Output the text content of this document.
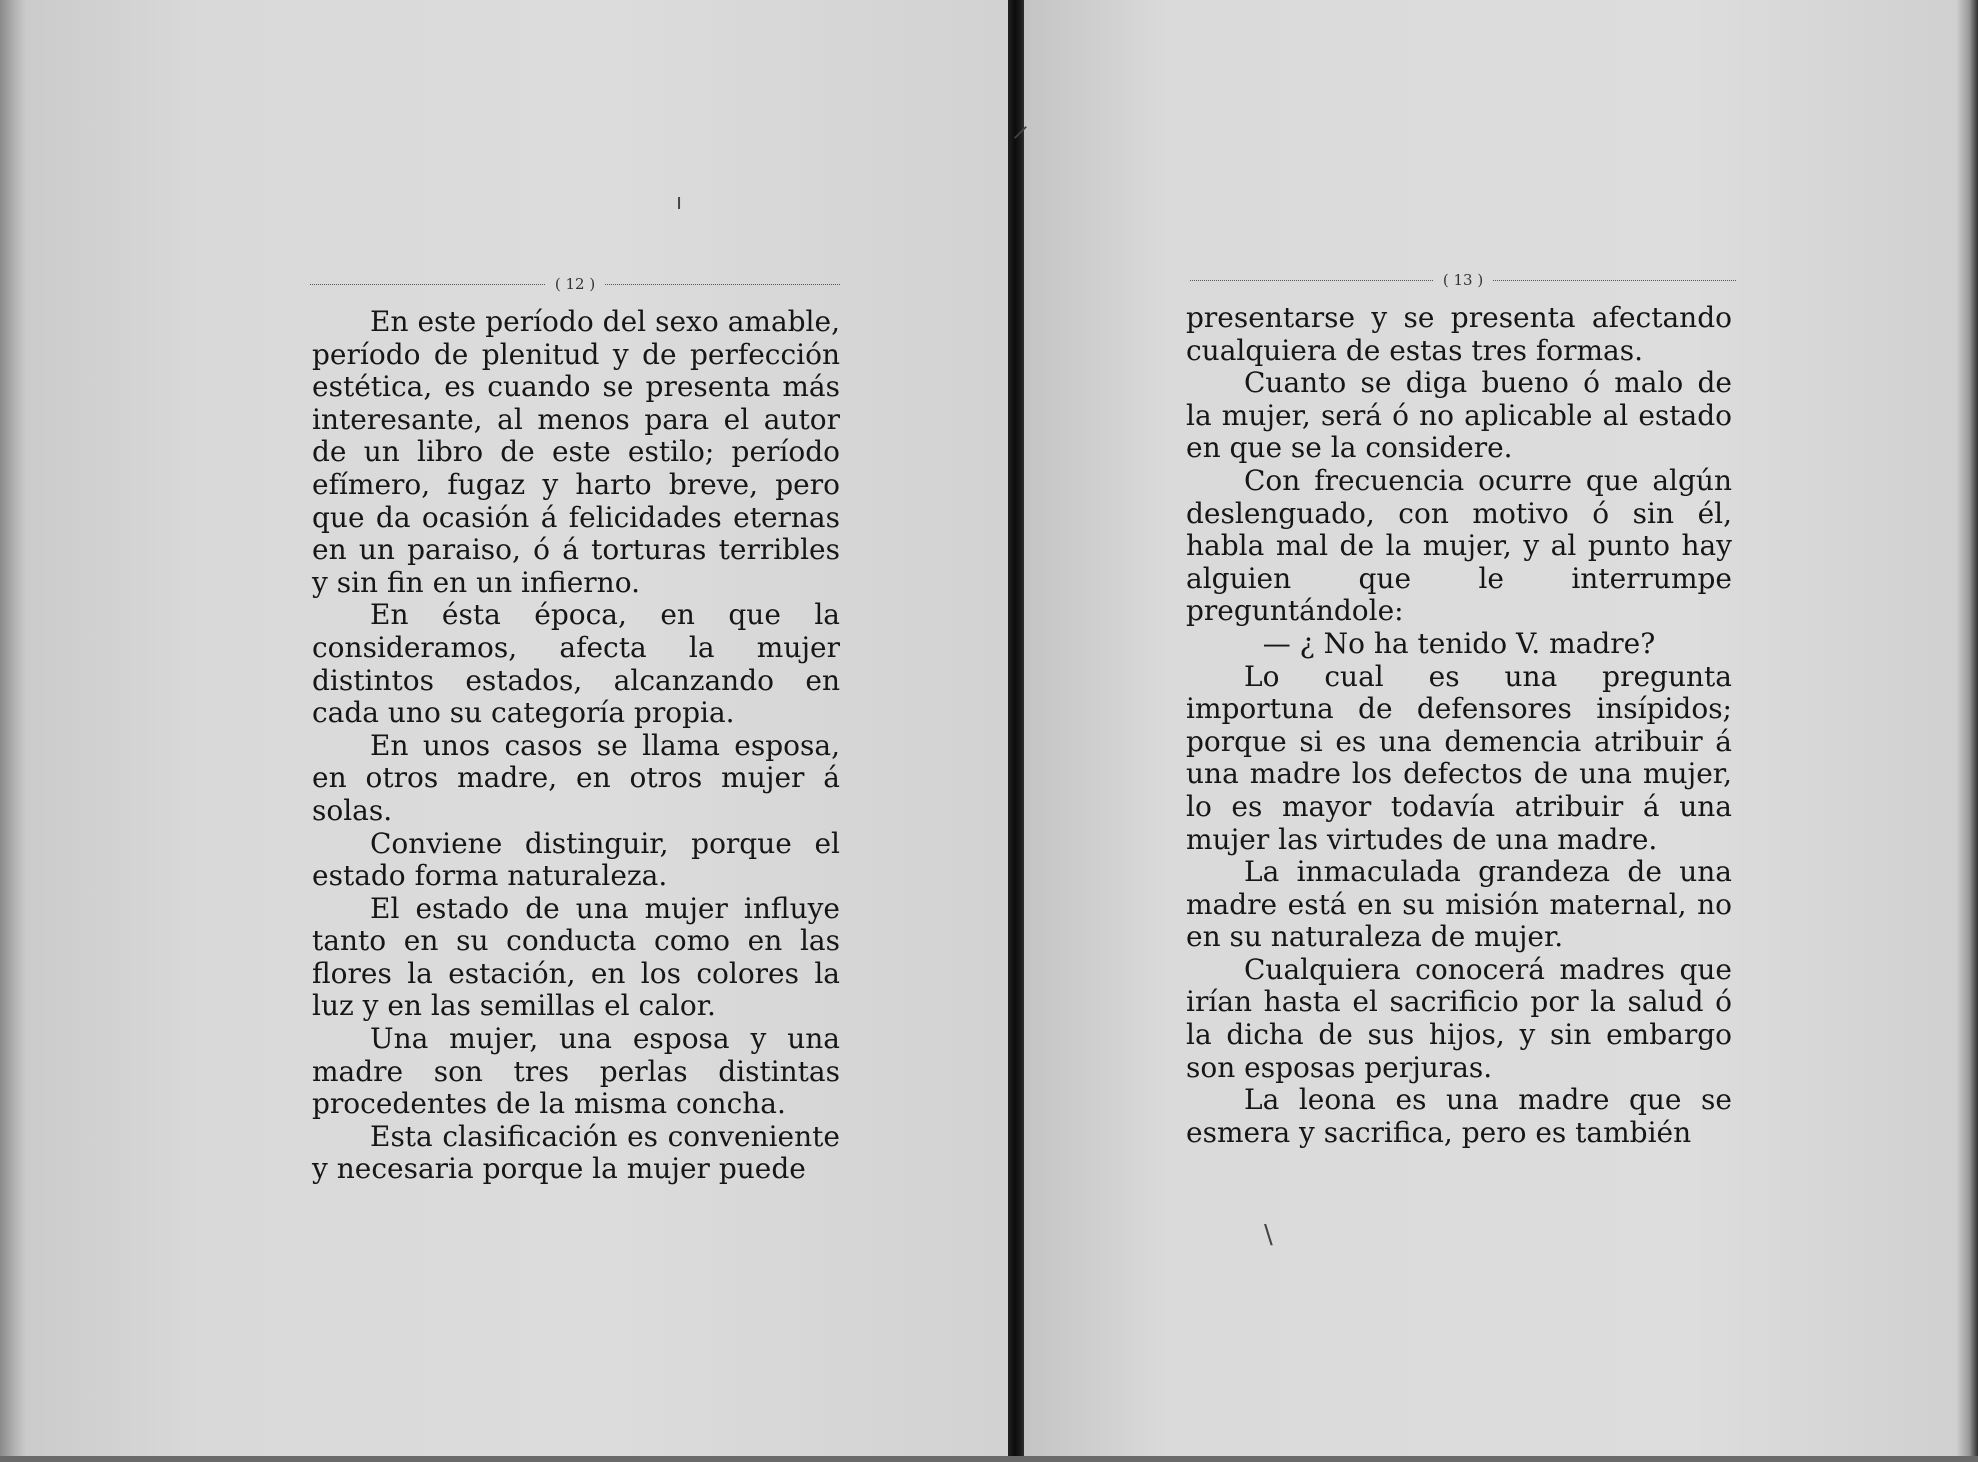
( 12 )

En este período del sexo amable, período de plenitud y de perfección estética, es cuando se presenta más interesante, al menos para el autor de un libro de este estilo; período efímero, fugaz y harto breve, pero que da ocasión á felicidades eternas en un paraiso, ó á torturas terribles y sin fin en un infierno.

En ésta época, en que la consideramos, afecta la mujer distintos estados, alcanzando en cada uno su categoría propia.

En unos casos se llama esposa, en otros madre, en otros mujer á solas.

Conviene distinguir, porque el estado forma naturaleza.

El estado de una mujer influye tanto en su conducta como en las flores la estación, en los colores la luz y en las semillas el calor.

Una mujer, una esposa y una madre son tres perlas distintas procedentes de la misma concha.

Esta clasificación es conveniente y necesaria porque la mujer puede

ı
( 13 )

presentarse y se presenta afectando cualquiera de estas tres formas.

Cuanto se diga bueno ó malo de la mujer, será ó no aplicable al estado en que se la considere.

Con frecuencia ocurre que algún deslenguado, con motivo ó sin él, habla mal de la mujer, y al punto hay alguien que le interrumpe preguntándole:

— ¿ No ha tenido V. madre?

Lo cual es una pregunta importuna de defensores insípidos; porque si es una demencia atribuir á una madre los defectos de una mujer, lo es mayor todavía atribuir á una mujer las virtudes de una madre.

La inmaculada grandeza de una madre está en su misión maternal, no en su naturaleza de mujer.

Cualquiera conocerá madres que irían hasta el sacrificio por la salud ó la dicha de sus hijos, y sin embargo son esposas perjuras.

La leona es una madre que se esmera y sacrifica, pero es también

⸝
\
